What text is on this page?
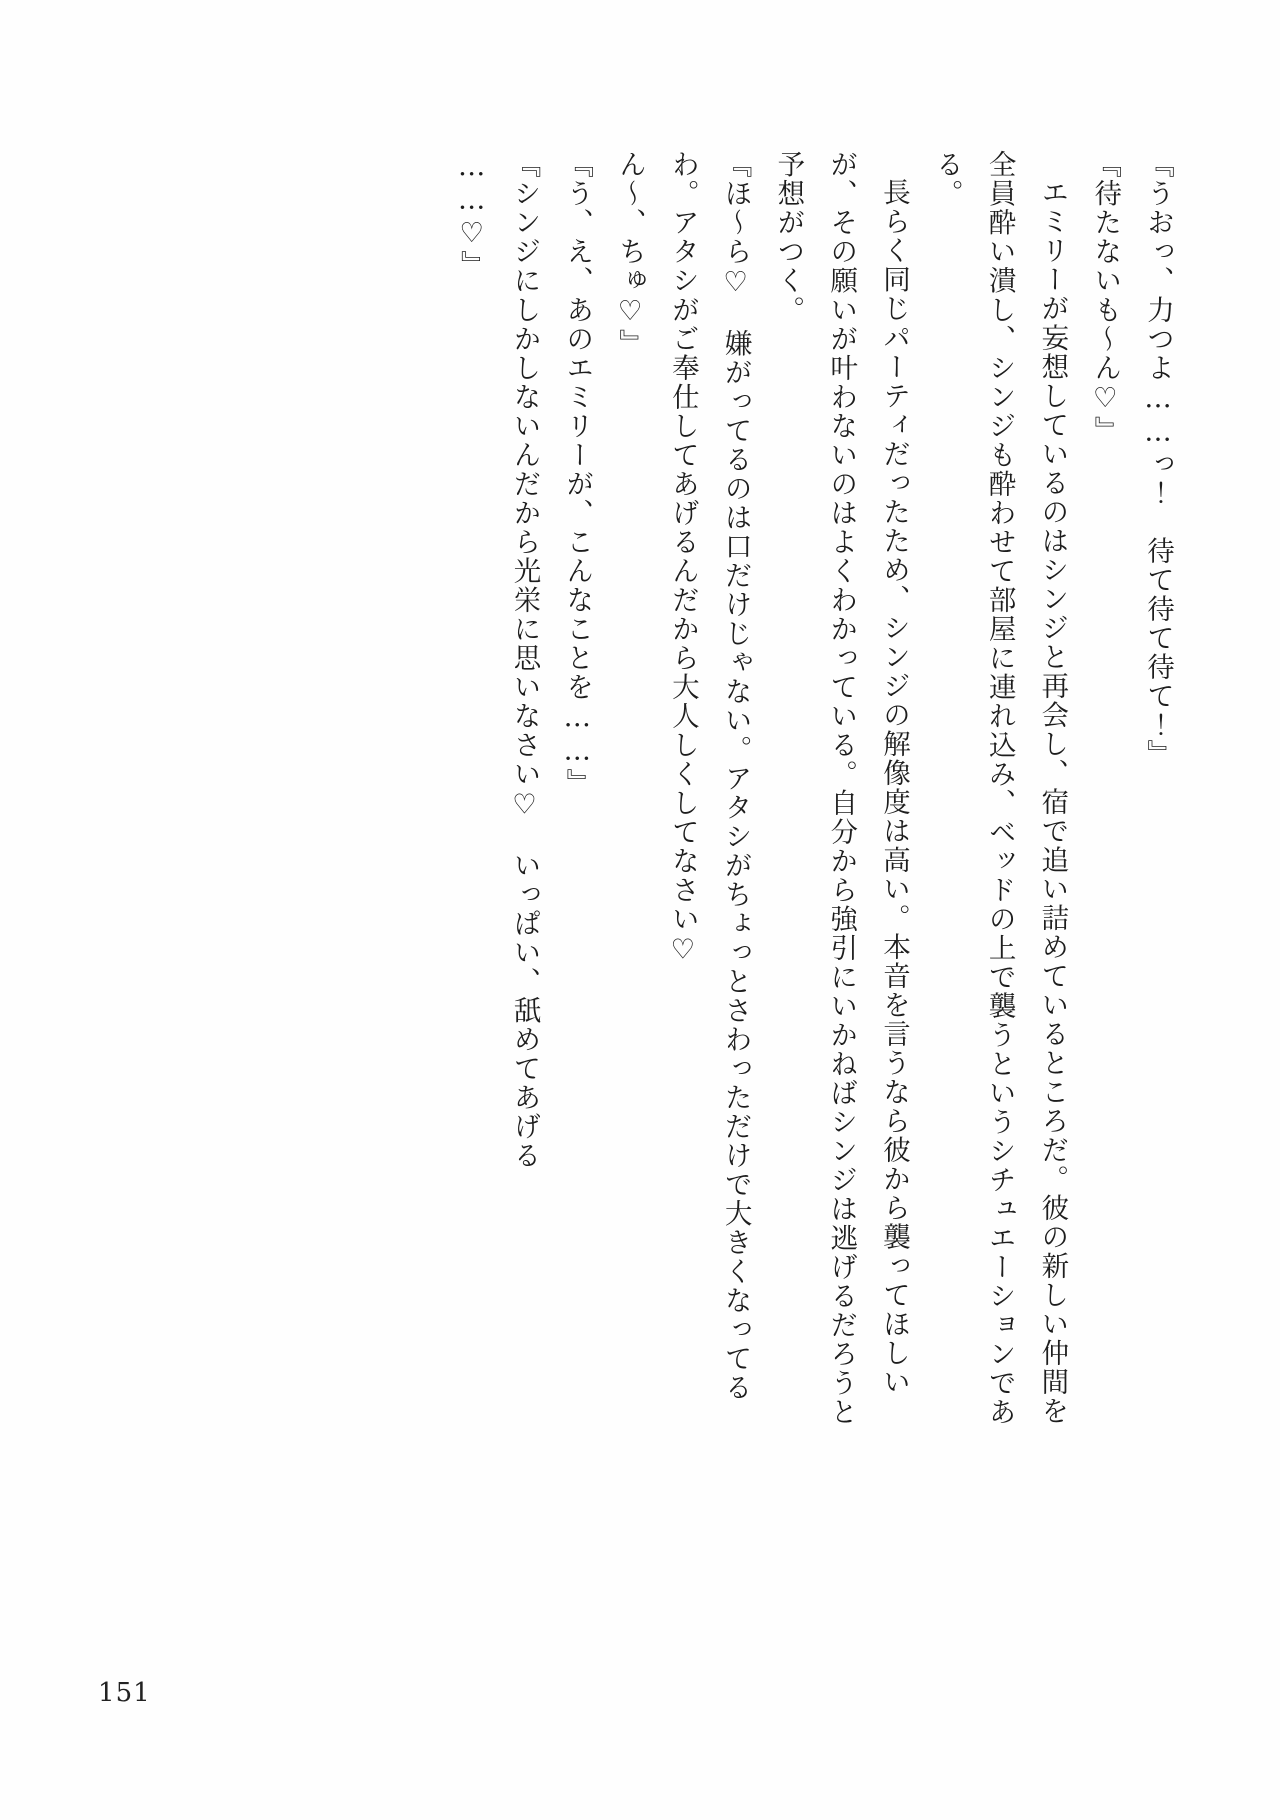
『うおっ、力つよ……っ！　待て待て待て！』

『待たないも～ん♡』

エミリーが妄想しているのはシンジと再会し、宿で追い詰めているところだ。彼の新しい仲間を全員酔い潰し、シンジも酔わせて部屋に連れ込み、ベッドの上で襲うというシチュエーションである。

長らく同じパーティだったため、シンジの解像度は高い。本音を言うなら彼から襲ってほしいが、その願いが叶わないのはよくわかっている。自分から強引にいかねばシンジは逃げるだろうと予想がつく。

『ほ～ら♡　嫌がってるのは口だけじゃない。アタシがちょっとさわっただけで大きくなってるわ。アタシがご奉仕してあげるんだから大人しくしてなさい♡

ん～、ちゅ♡』

『う、え、あのエミリーが、こんなことを……』

『シンジにしかしないんだから光栄に思いなさい♡　いっぱい、舐めてあげる

……♡』

151
